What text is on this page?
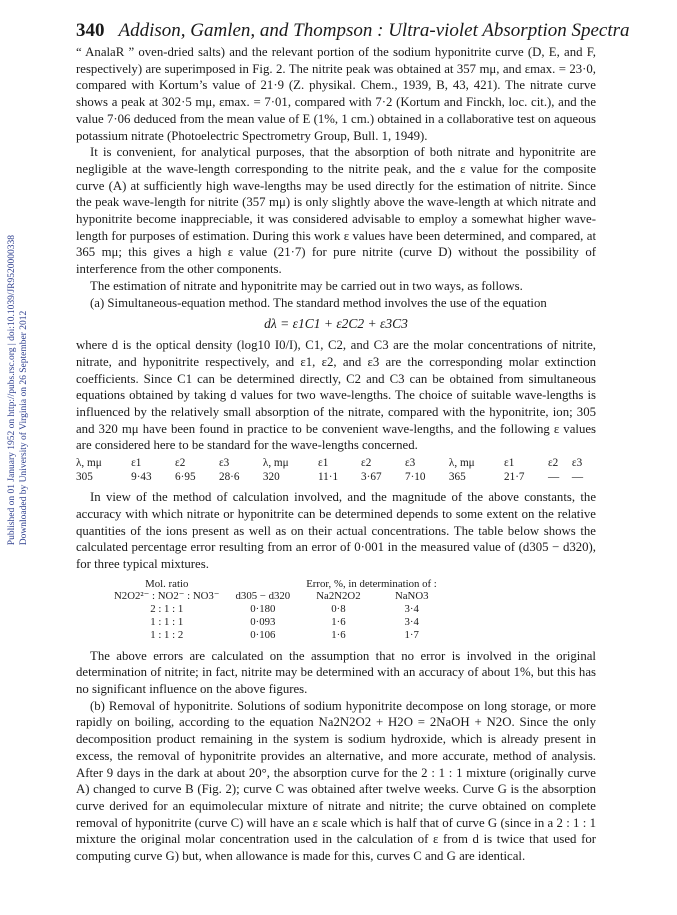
Published on 01 January 1952 on http://pubs.rsc.org | doi:10.1039/JR9520000338 Downloaded by University of Virginia on 26 September 2012
340 Addison, Gamlen, and Thompson : Ultra-violet Absorption Spectra

“ AnalaR ” oven-dried salts) and the relevant portion of the sodium hyponitrite curve (D, E, and F, respectively) are superimposed in Fig. 2. The nitrite peak was obtained at 357 mμ, and εmax. = 23·0, compared with Kortum’s value of 21·9 (Z. physikal. Chem., 1939, B, 43, 421). The nitrate curve shows a peak at 302·5 mμ, εmax. = 7·01, compared with 7·2 (Kortum and Finckh, loc. cit.), and the value 7·06 deduced from the mean value of E (1%, 1 cm.) obtained in a collaborative test on aqueous potassium nitrate (Photoelectric Spectrometry Group, Bull. 1, 1949).

It is convenient, for analytical purposes, that the absorption of both nitrate and hyponitrite are negligible at the wave-length corresponding to the nitrite peak, and the ε value for the composite curve (A) at sufficiently high wave-lengths may be used directly for the estimation of nitrite. Since the peak wave-length for nitrite (357 mμ) is only slightly above the wave-length at which nitrate and hyponitrite become inappreciable, it was considered advisable to employ a somewhat higher wave-length for purposes of estimation. During this work ε values have been determined, and compared, at 365 mμ; this gives a high ε value (21·7) for pure nitrite (curve D) without the possibility of interference from the other components.

The estimation of nitrate and hyponitrite may be carried out in two ways, as follows.

(a) Simultaneous-equation method. The standard method involves the use of the equation

dλ = ε1C1 + ε2C2 + ε3C3

where d is the optical density (log10 I0/I), C1, C2, and C3 are the molar concentrations of nitrite, nitrate, and hyponitrite respectively, and ε1, ε2, and ε3 are the corresponding molar extinction coefficients. Since C1 can be determined directly, C2 and C3 can be obtained from simultaneous equations obtained by taking d values for two wave-lengths. The choice of suitable wave-lengths is influenced by the relatively small absorption of the nitrate, compared with the hyponitrite, ion; 305 and 320 mμ have been found in practice to be convenient wave-lengths, and the following ε values are considered here to be standard for the wave-lengths concerned.

λ, mμ	ε1	ε2	ε3	λ, mμ	ε1	ε2	ε3	λ, mμ	ε1	ε2	ε3
305	9·43	6·95	28·6	320	11·1	3·67	7·10	365	21·7	—	—

In view of the method of calculation involved, and the magnitude of the above constants, the accuracy with which nitrate or hyponitrite can be determined depends to some extent on the relative quantities of the ions present as well as on their actual concentrations. The table below shows the calculated percentage error resulting from an error of 0·001 in the measured value of (d305 − d320), for three typical mixtures.

Mol. ratio		Error, %, in determination of :	
N2O2²⁻ : NO2⁻ : NO3⁻	d305 − d320	Na2N2O2	NaNO3
2 : 1 : 1	0·180	0·8	3·4
1 : 1 : 1	0·093	1·6	3·4
1 : 1 : 2	0·106	1·6	1·7

The above errors are calculated on the assumption that no error is involved in the original determination of nitrite; in fact, nitrite may be determined with an accuracy of about 1%, but this has no significant influence on the above figures.

(b) Removal of hyponitrite. Solutions of sodium hyponitrite decompose on long storage, or more rapidly on boiling, according to the equation Na2N2O2 + H2O = 2NaOH + N2O. Since the only decomposition product remaining in the system is sodium hydroxide, which is already present in excess, the removal of hyponitrite provides an alternative, and more accurate, method of analysis. After 9 days in the dark at about 20°, the absorption curve for the 2 : 1 : 1 mixture (originally curve A) changed to curve B (Fig. 2); curve C was obtained after twelve weeks. Curve G is the absorption curve derived for an equimolecular mixture of nitrate and nitrite; the curve obtained on complete removal of hyponitrite (curve C) will have an ε scale which is half that of curve G (since in a 2 : 1 : 1 mixture the original molar concentration used in the calculation of ε from d is twice that used for computing curve G) but, when allowance is made for this, curves C and G are identical.
